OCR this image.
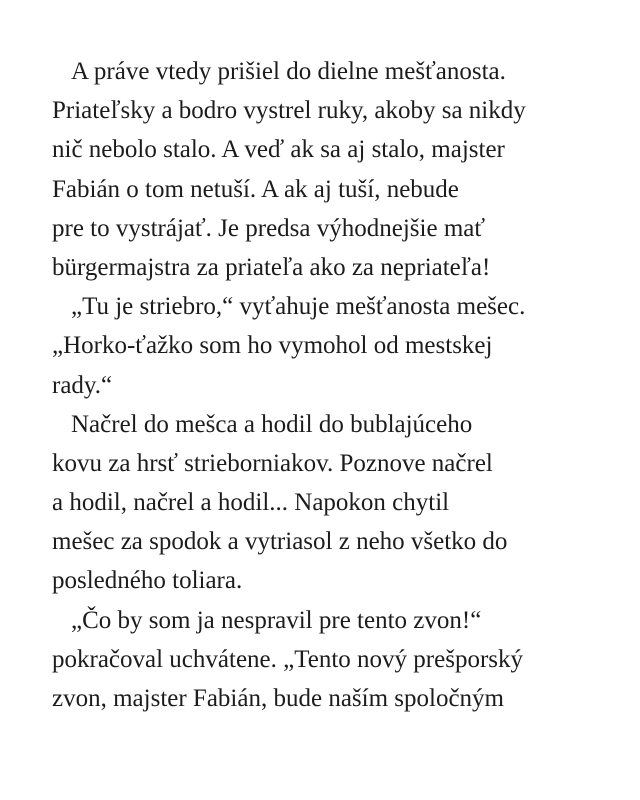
A práve vtedy prišiel do dielne mešťanosta.
Priateľsky a bodro vystrel ruky, akoby sa nikdy
nič nebolo stalo. A veď ak sa aj stalo, majster
Fabián o tom netuší. A ak aj tuší, nebude
pre to vystrájať. Je predsa výhodnejšie mať
bürgermajstra za priateľa ako za nepriateľa!
„Tu je striebro,“ vyťahuje mešťanosta mešec.
„Horko-ťažko som ho vymohol od mestskej
rady.“
Načrel do mešca a hodil do bublajúceho
kovu za hrsť strieborniakov. Poznove načrel
a hodil, načrel a hodil... Napokon chytil
mešec za spodok a vytriasol z neho všetko do
posledného toliara.
„Čo by som ja nespravil pre tento zvon!“
pokračoval uchvátene. „Tento nový prešporský
zvon, majster Fabián, bude naším spoločným
